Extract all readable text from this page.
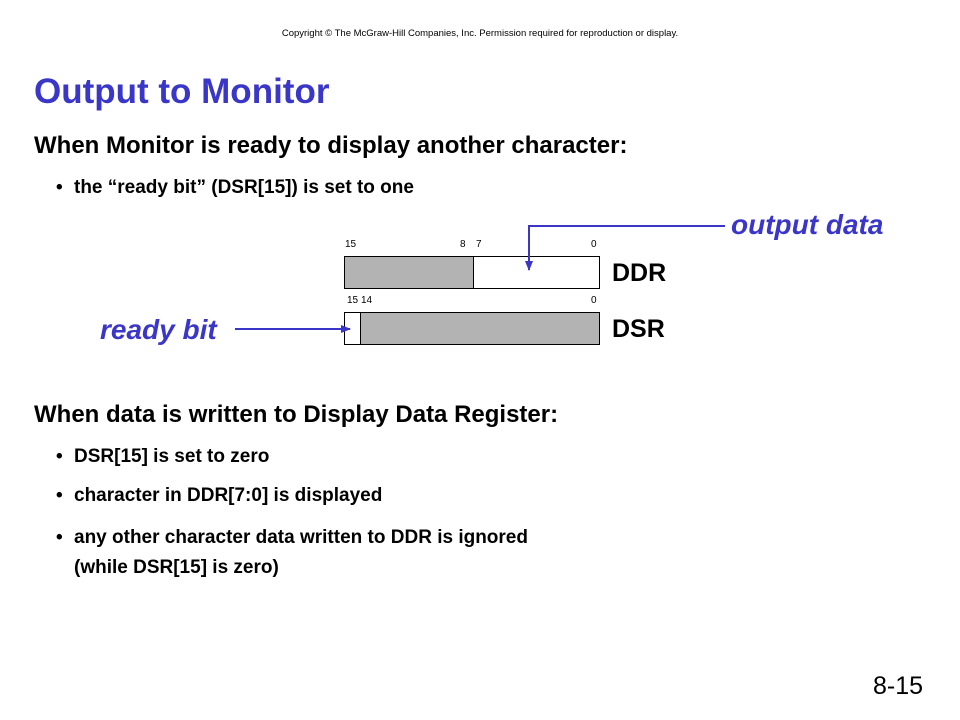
Copyright © The McGraw-Hill Companies, Inc. Permission required for reproduction or display.
Output to Monitor
When Monitor is ready to display another character:
• the “ready bit” (DSR[15]) is set to one
output data
ready bit
15	8 7	0
DDR
15 14	0
DSR
When data is written to Display Data Register:
• DSR[15] is set to zero
• character in DDR[7:0] is displayed
• any other character data written to DDR is ignored
(while DSR[15] is zero)
8-15
